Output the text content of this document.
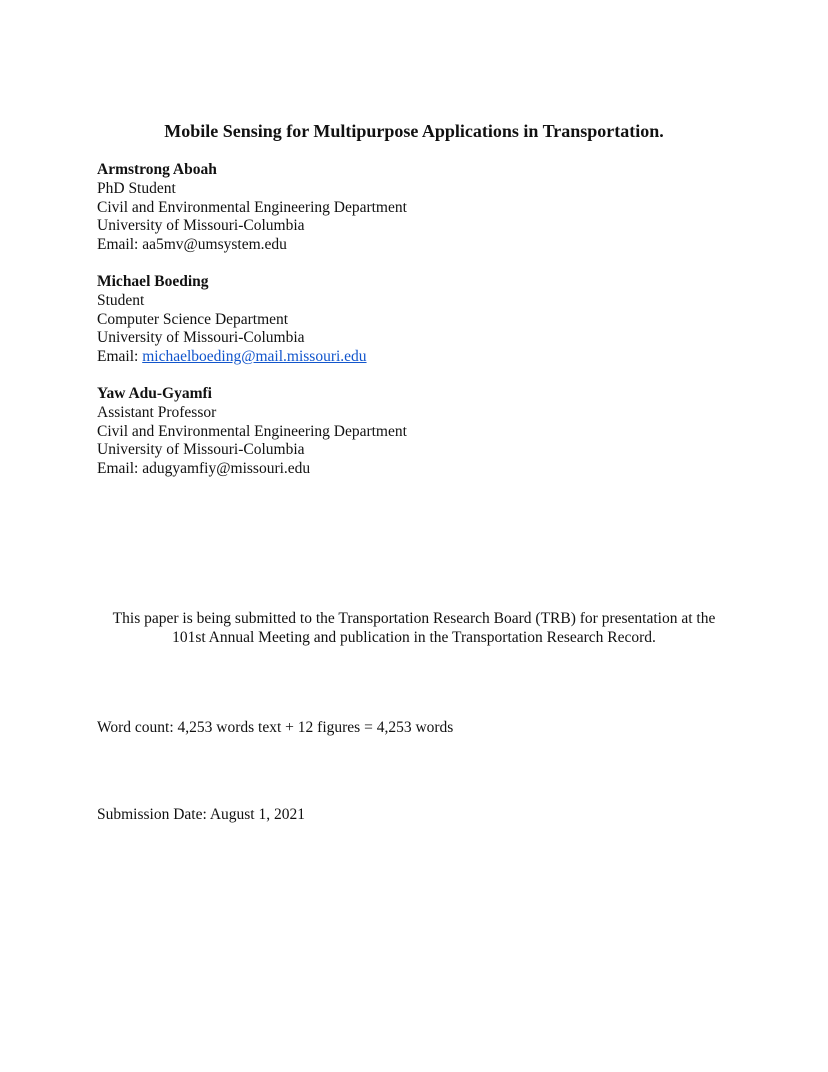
Mobile Sensing for Multipurpose Applications in Transportation.
Armstrong Aboah
PhD Student
Civil and Environmental Engineering Department
University of Missouri-Columbia
Email: aa5mv@umsystem.edu
Michael Boeding
Student
Computer Science Department
University of Missouri-Columbia
Email: michaelboeding@mail.missouri.edu
Yaw Adu-Gyamfi
Assistant Professor
Civil and Environmental Engineering Department
University of Missouri-Columbia
Email: adugyamfiy@missouri.edu
This paper is being submitted to the Transportation Research Board (TRB) for presentation at the
101st Annual Meeting and publication in the Transportation Research Record.
Word count: 4,253 words text + 12 figures = 4,253 words
Submission Date: August 1, 2021
